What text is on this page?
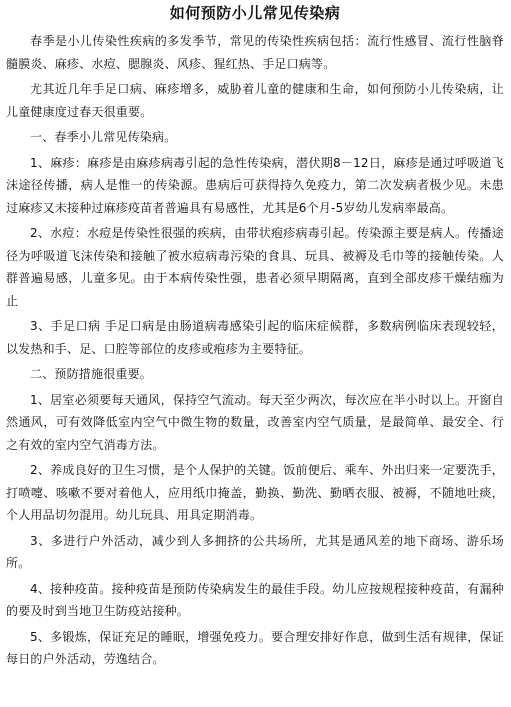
如何预防小儿常见传染病

春季是小儿传染性疾病的多发季节，常见的传染性疾病包括：流行性感冒、流行性脑脊髓膜炎、麻疹、水痘、腮腺炎、风疹、猩红热、手足口病等。

尤其近几年手足口病、麻疹增多，威胁着儿童的健康和生命，如何预防小儿传染病，让儿童健康度过春天很重要。

一、春季小儿常见传染病。

1、麻疹：麻疹是由麻疹病毒引起的急性传染病，潜伏期8－12日，麻疹是通过呼吸道飞沫途径传播，病人是惟一的传染源。患病后可获得持久免疫力，第二次发病者极少见。未患过麻疹又未接种过麻疹疫苗者普遍具有易感性，尤其是6个月-5岁幼儿发病率最高。

2、水痘：水痘是传染性很强的疾病，由带状疱疹病毒引起。传染源主要是病人。传播途径为呼吸道飞沫传染和接触了被水痘病毒污染的食具、玩具、被褥及毛巾等的接触传染。人群普遍易感，儿童多见。由于本病传染性强，患者必须早期隔离，直到全部皮疹干燥结痂为止

3、手足口病 手足口病是由肠道病毒感染引起的临床症候群，多数病例临床表现较轻，以发热和手、足、口腔等部位的皮疹或疱疹为主要特征。

二、预防措施很重要。

1、居室必须要每天通风，保持空气流动。每天至少两次，每次应在半小时以上。开窗自然通风，可有效降低室内空气中微生物的数量，改善室内空气质量，是最简单、最安全、行之有效的室内空气消毒方法。

2、养成良好的卫生习惯，是个人保护的关键。饭前便后、乘车、外出归来一定要洗手，打喷嚏、咳嗽不要对着他人，应用纸巾掩盖，勤换、勤洗、勤晒衣服、被褥，不随地吐痰，个人用品切勿混用。幼儿玩具、用具定期消毒。

3、多进行户外活动，减少到人多拥挤的公共场所，尤其是通风差的地下商场、游乐场所。

4、接种疫苗。接种疫苗是预防传染病发生的最佳手段。幼儿应按规程接种疫苗，有漏种的要及时到当地卫生防疫站接种。

5、多锻炼，保证充足的睡眠，增强免疫力。要合理安排好作息，做到生活有规律，保证每日的户外活动，劳逸结合。
